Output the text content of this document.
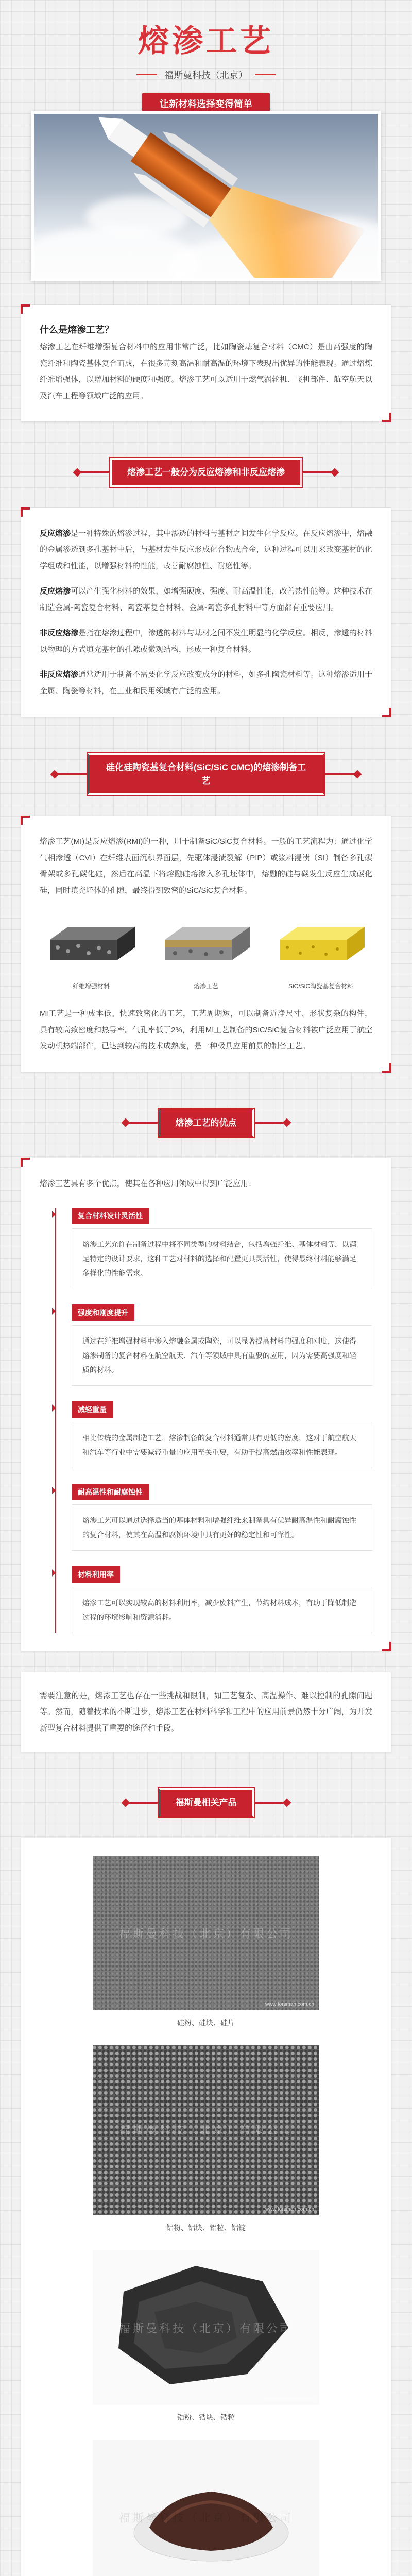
熔渗工艺
福斯曼科技（北京）
让新材料选择变得简单
什么是熔渗工艺？

熔渗工艺在纤维增强复合材料中的应用非常广泛，比如陶瓷基复合材料（CMC）是由高强度的陶瓷纤维和陶瓷基体复合而成，在很多苛刻高温和耐高温的环境下表现出优异的性能表现。通过熔炼纤维增强体，以增加材料的硬度和强度。熔渗工艺可以适用于燃气涡轮机、飞机部件、航空航天以及汽车工程等领域广泛的应用。

熔渗工艺一般分为反应熔渗和非反应熔渗

反应熔渗是一种特殊的熔渗过程，其中渗透的材料与基材之间发生化学反应。在反应熔渗中，熔融的金属渗透到多孔基材中后，与基材发生反应形成化合物或合金，这种过程可以用来改变基材的化学组成和性能，以增强材料的性能，改善耐腐蚀性、耐磨性等。

反应熔渗可以产生强化材料的效果，如增强硬度、强度、耐高温性能，改善热性能等。这种技术在制造金属-陶瓷复合材料、陶瓷基复合材料、金属-陶瓷多孔材料中等方面都有重要应用。

非反应熔渗是指在熔渗过程中，渗透的材料与基材之间不发生明显的化学反应。相反，渗透的材料以物理的方式填充基材的孔隙或微观结构，形成一种复合材料。

非反应熔渗通常适用于制备不需要化学反应改变成分的材料，如多孔陶瓷材料等。这种熔渗适用于金属、陶瓷等材料，在工业和民用领域有广泛的应用。

硅化硅陶瓷基复合材料(SiC/SiC CMC)的熔渗制备工艺

熔渗工艺(MI)是反应熔渗(RMI)的一种，用于制备SiC/SiC复合材料。一般的工艺流程为：通过化学气相渗透（CVI）在纤维表面沉积界面层，先驱体浸渍裂解（PIP）或浆料浸渍（SI）制备多孔碳骨架或多孔碳化硅，然后在高温下将熔融硅熔渗入多孔坯体中，熔融的硅与碳发生反应生成碳化硅，同时填充坯体的孔隙，最终得到致密的SiC/SiC复合材料。

纤维增强材料	熔渗工艺	SiC/SiC陶瓷基复合材料

MI工艺是一种成本低、快速致密化的工艺，工艺周期短，可以制备近净尺寸、形状复杂的构件，具有较高致密度和热导率。气孔率低于2%，利用MI工艺制备的SiC/SiC复合材料被广泛应用于航空发动机热端部件，已达到较高的技术成熟度，是一种极具应用前景的制备工艺。

熔渗工艺的优点

熔渗工艺具有多个优点，使其在各种应用领域中得到广泛应用：

复合材料设计灵活性
熔渗工艺允许在制备过程中将不同类型的材料结合，包括增强纤维、基体材料等，以满足特定的设计要求，这种工艺对材料的选择和配置更具灵活性，使得最终材料能够满足多样化的性能需求。
强度和刚度提升
通过在纤维增强材料中渗入熔融金属或陶瓷，可以显著提高材料的强度和刚度，这使得熔渗制备的复合材料在航空航天、汽车等领域中具有重要的应用，因为需要高强度和轻质的材料。
减轻重量
相比传统的金属制造工艺，熔渗制备的复合材料通常具有更低的密度，这对于航空航天和汽车等行业中需要减轻重量的应用至关重要，有助于提高燃油效率和性能表现。
耐高温性和耐腐蚀性
熔渗工艺可以通过选择适当的基体材料和增强纤维来制备具有优异耐高温性和耐腐蚀性的复合材料，使其在高温和腐蚀环境中具有更好的稳定性和可靠性。
材料利用率
熔渗工艺可以实现较高的材料利用率，减少废料产生，节约材料成本，有助于降低制造过程的环境影响和资源消耗。

需要注意的是，熔渗工艺也存在一些挑战和限制，如工艺复杂、高温操作、难以控制的孔隙问题等。然而，随着技术的不断进步，熔渗工艺在材料科学和工程中的应用前景仍然十分广阔，为开发新型复合材料提供了重要的途径和手段。

福斯曼相关产品
福斯曼科技（北京）有限公司
www.forsman.com.cn
硅粉、硅块、硅片
福斯曼科技（北京）有限公司
www.forsman.com.cn
铝粉、铝块、铝粒、铝锭
福斯曼科技（北京）有限公司
www.forsman.com.cn
锆粉、锆块、锆粒
福斯曼科技（北京）有限公司
